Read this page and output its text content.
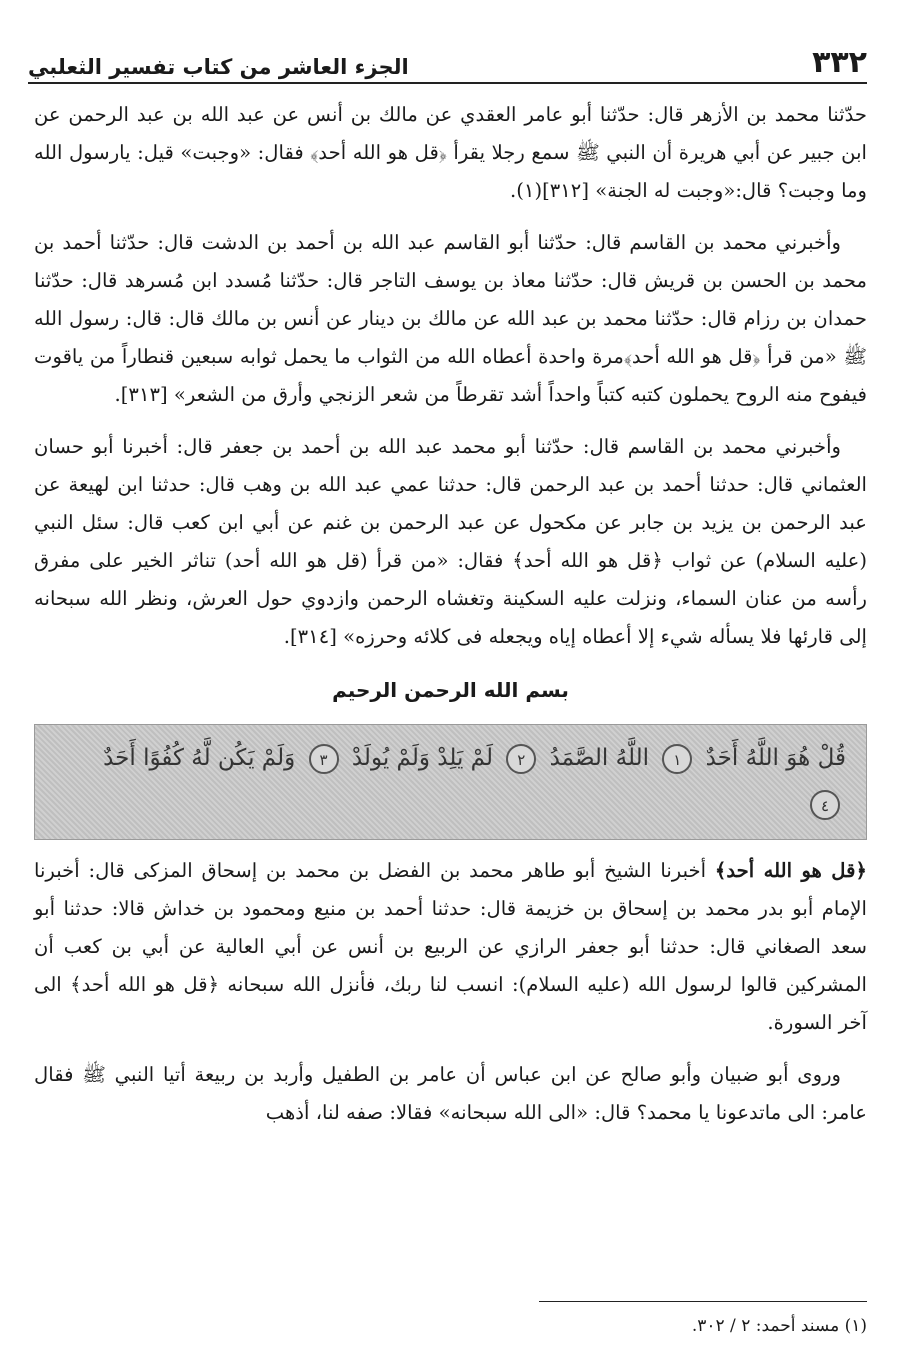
٣٣٢
الجزء العاشر من كتاب تفسير الثعلبي

حدّثنا محمد بن الأزهر قال: حدّثنا أبو عامر العقدي عن مالك بن أنس عن عبد الله بن عبد الرحمن عن ابن جبير عن أبي هريرة أن النبي ﷺ سمع رجلا يقرأ ﴿قل هو الله أحد﴾ فقال: «وجبت» قيل: يارسول الله وما وجبت؟ قال:«وجبت له الجنة» [٣١٢](١).

وأخبرني محمد بن القاسم قال: حدّثنا أبو القاسم عبد الله بن أحمد بن الدشت قال: حدّثنا أحمد بن محمد بن الحسن بن قريش قال: حدّثنا معاذ بن يوسف التاجر قال: حدّثنا مُسدد ابن مُسرهد قال: حدّثنا حمدان بن رزام قال: حدّثنا محمد بن عبد الله عن مالك بن دينار عن أنس بن مالك قال: قال: رسول الله ﷺ «من قرأ ﴿قل هو الله أحد﴾مرة واحدة أعطاه الله من الثواب ما يحمل ثوابه سبعين قنطاراً من ياقوت فيفوح منه الروح يحملون كتبه كتباً واحداً أشد تقرطاً من شعر الزنجي وأرق من الشعر» [٣١٣].

وأخبرني محمد بن القاسم قال: حدّثنا أبو محمد عبد الله بن أحمد بن جعفر قال: أخبرنا أبو حسان العثماني قال: حدثنا أحمد بن عبد الرحمن قال: حدثنا عمي عبد الله بن وهب قال: حدثنا ابن لهيعة عن عبد الرحمن بن يزيد بن جابر عن مكحول عن عبد الرحمن بن غنم عن أبي ابن كعب قال: سئل النبي (عليه السلام) عن ثواب ﴿قل هو الله أحد﴾ فقال: «من قرأ (قل هو الله أحد) تناثر الخير على مفرق رأسه من عنان السماء، ونزلت عليه السكينة وتغشاه الرحمن وازدوي حول العرش، ونظر الله سبحانه إلى قارئها فلا يسأله شيء إلا أعطاه إياه ويجعله فى كلائه وحرزه» [٣١٤].

بسم الله الرحمن الرحيم
قُلْ هُوَ اللَّهُ أَحَدٌ ١ اللَّهُ الصَّمَدُ ٢ لَمْ يَلِدْ وَلَمْ يُولَدْ ٣ وَلَمْ يَكُن لَّهُ كُفُوًا أَحَدٌ ٤

﴿قل هو الله أحد﴾ أخبرنا الشيخ أبو طاهر محمد بن الفضل بن محمد بن إسحاق المزكى قال: أخبرنا الإمام أبو بدر محمد بن إسحاق بن خزيمة قال: حدثنا أحمد بن منيع ومحمود بن خداش قالا: حدثنا أبو سعد الصغاني قال: حدثنا أبو جعفر الرازي عن الربيع بن أنس عن أبي العالية عن أبي بن كعب أن المشركين قالوا لرسول الله (عليه السلام): انسب لنا ربك، فأنزل الله سبحانه ﴿قل هو الله أحد﴾ الى آخر السورة.

وروى أبو ضبيان وأبو صالح عن ابن عباس أن عامر بن الطفيل وأربد بن ربيعة أتيا النبي ﷺ فقال عامر: الى ماتدعونا يا محمد؟ قال: «الى الله سبحانه» فقالا: صفه لنا، أذهب

(١) مسند أحمد: ٢ / ٣٠٢.
